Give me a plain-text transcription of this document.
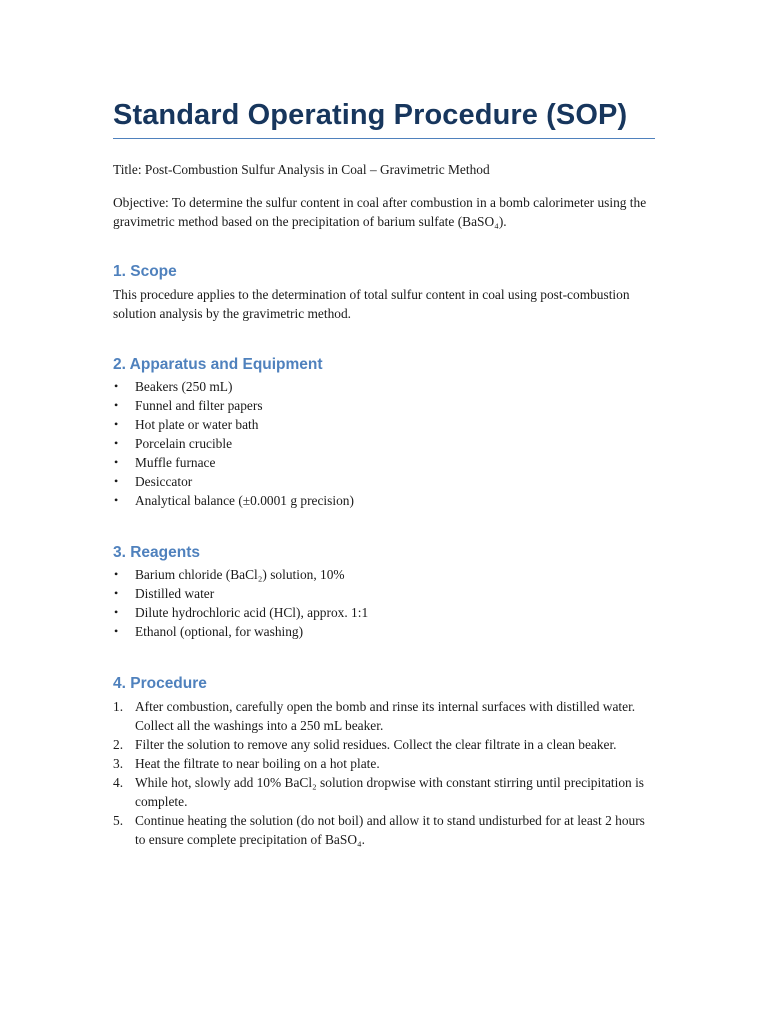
Standard Operating Procedure (SOP)

Title: Post-Combustion Sulfur Analysis in Coal – Gravimetric Method

Objective: To determine the sulfur content in coal after combustion in a bomb calorimeter using the gravimetric method based on the precipitation of barium sulfate (BaSO₄).

1. Scope

This procedure applies to the determination of total sulfur content in coal using post-combustion solution analysis by the gravimetric method.

2. Apparatus and Equipment
• Beakers (250 mL)
• Funnel and filter papers
• Hot plate or water bath
• Porcelain crucible
• Muffle furnace
• Desiccator
• Analytical balance (±0.0001 g precision)
3. Reagents
• Barium chloride (BaCl₂) solution, 10%
• Distilled water
• Dilute hydrochloric acid (HCl), approx. 1:1
• Ethanol (optional, for washing)
4. Procedure
1. After combustion, carefully open the bomb and rinse its internal surfaces with distilled water. Collect all the washings into a 250 mL beaker.
2. Filter the solution to remove any solid residues. Collect the clear filtrate in a clean beaker.
3. Heat the filtrate to near boiling on a hot plate.
4. While hot, slowly add 10% BaCl₂ solution dropwise with constant stirring until precipitation is complete.
5. Continue heating the solution (do not boil) and allow it to stand undisturbed for at least 2 hours to ensure complete precipitation of BaSO₄.
